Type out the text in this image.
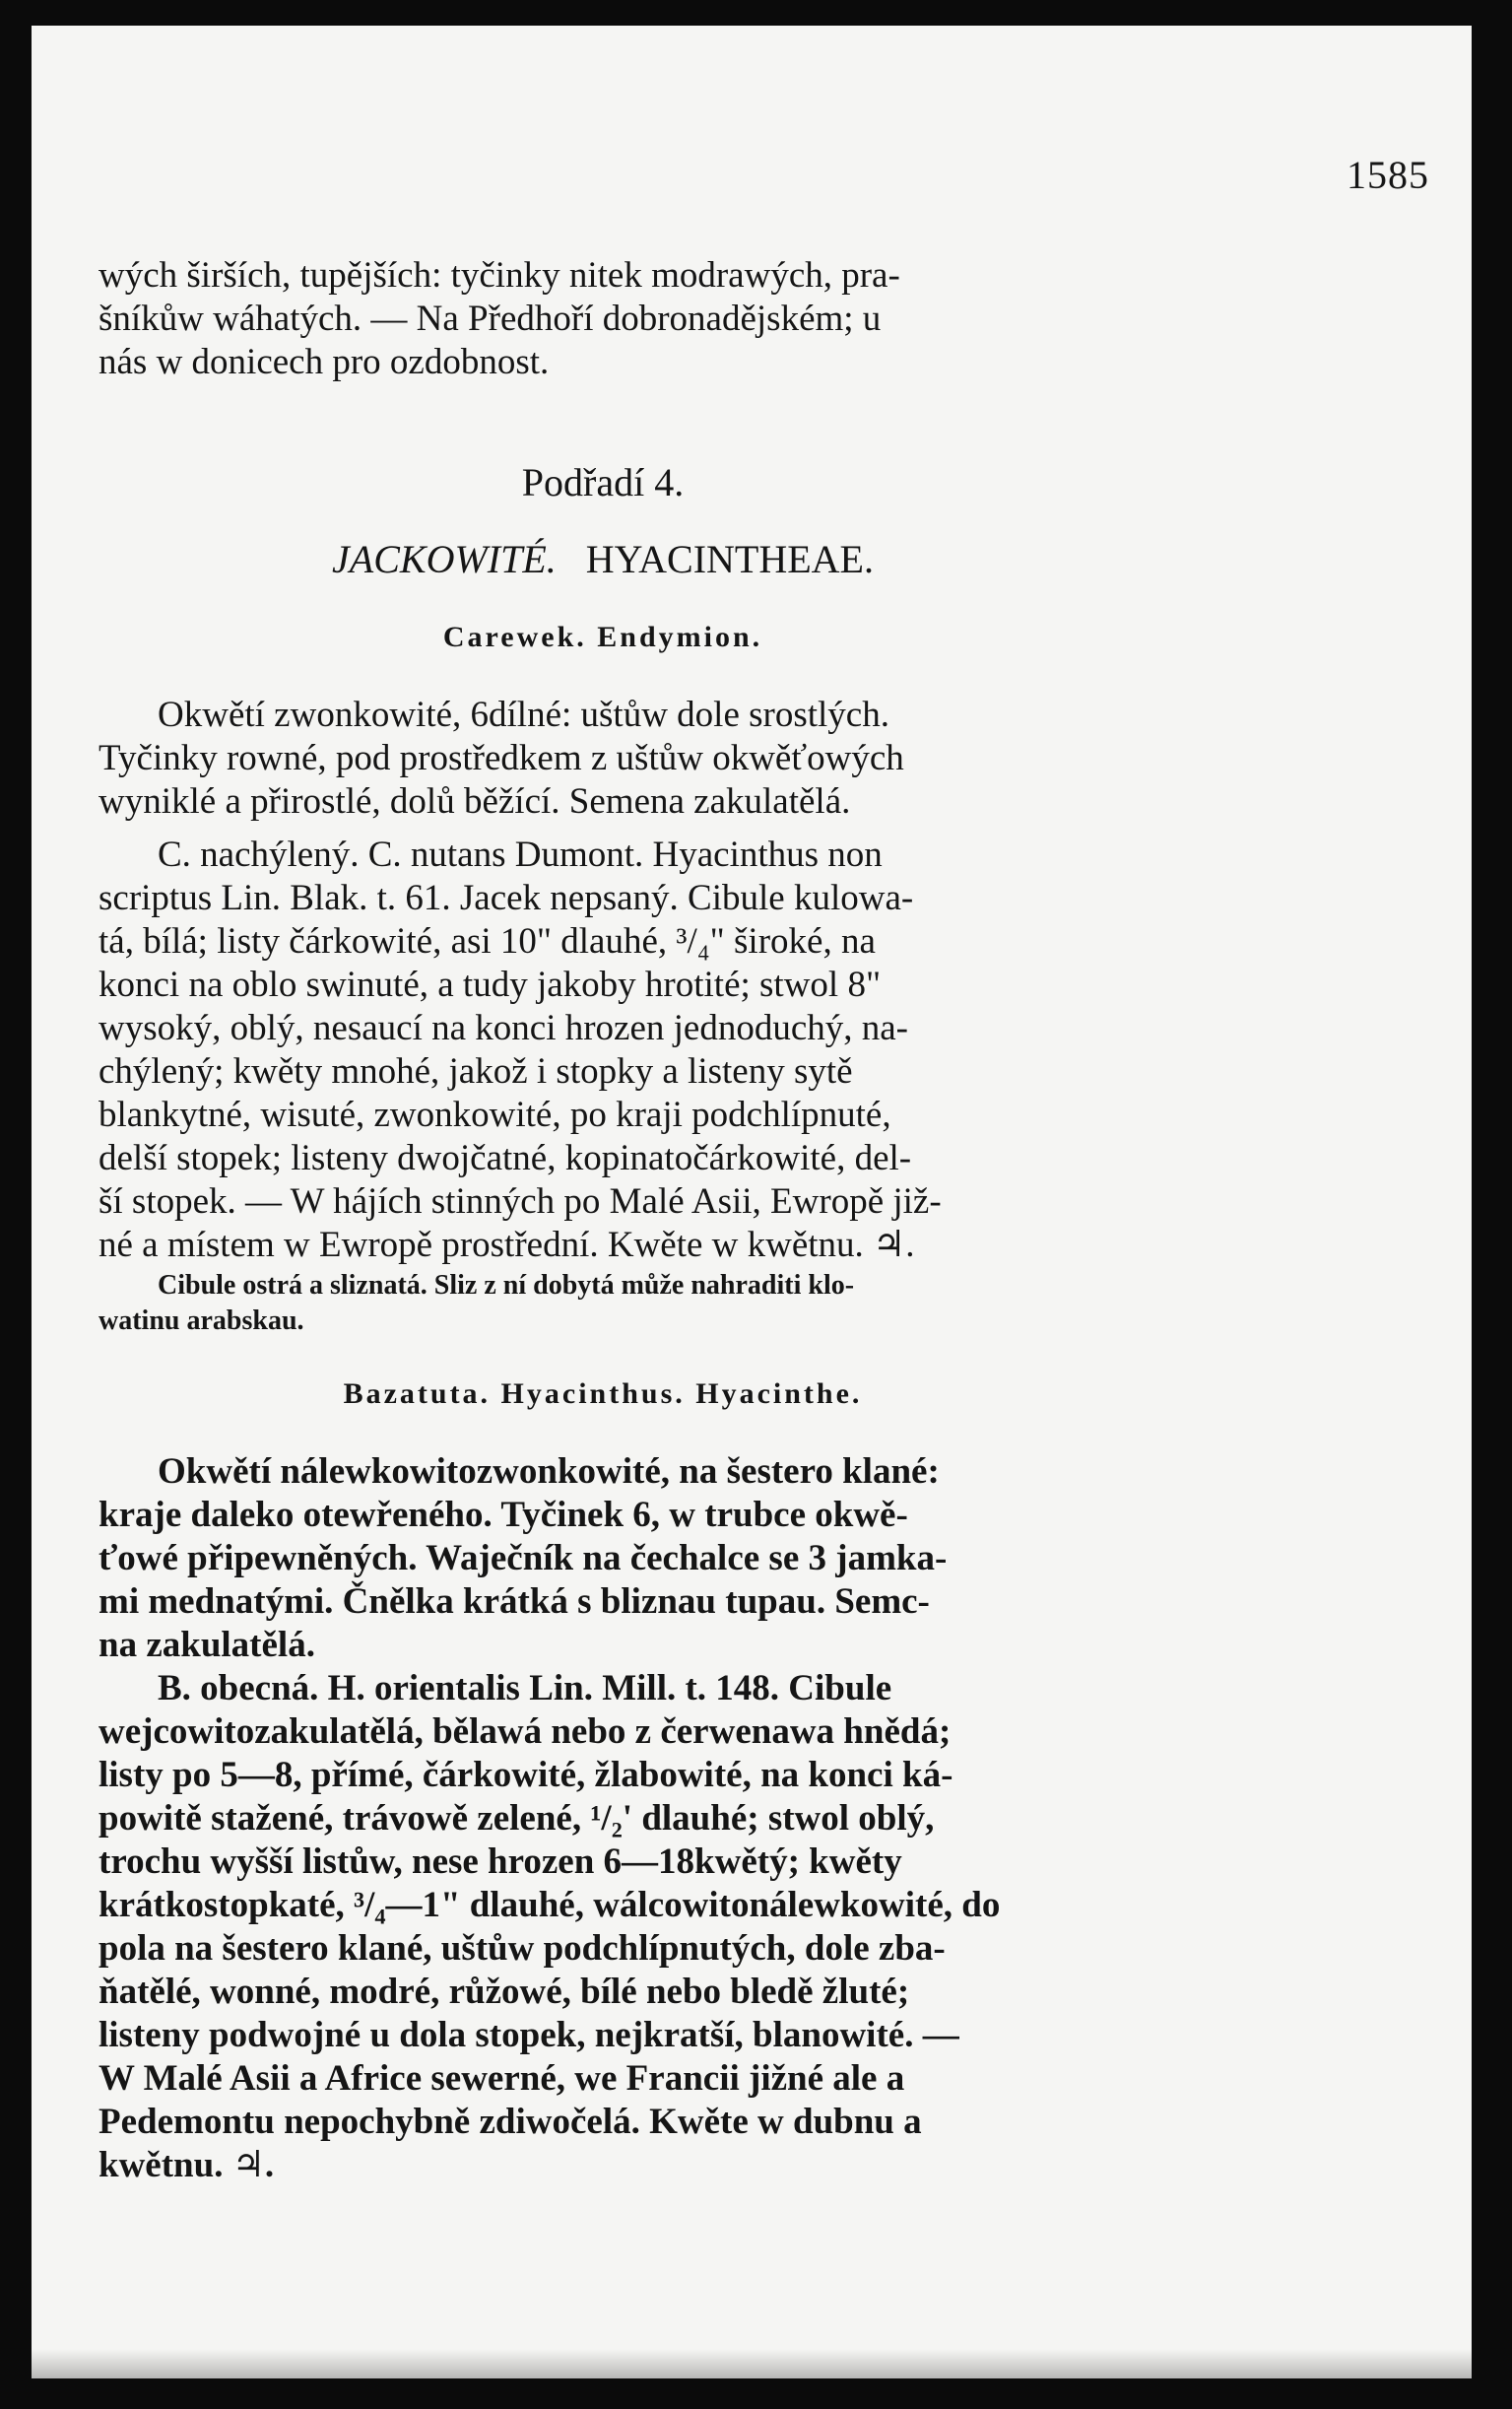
1585
wých širších, tupějších: tyčinky nitek modrawých, pra-
šníkůw wáhatých. — Na Předhoří dobronadějském; u
nás w donicech pro ozdobnost.
Podřadí 4.
JACKOWITÉ. HYACINTHEAE.
Carewek. Endymion.
Okwětí zwonkowité, 6dílné: uštůw dole srostlých.
Tyčinky rowné, pod prostředkem z uštůw okwěťowých
wyniklé a přirostlé, dolů běžící. Semena zakulatělá.
C. nachýlený. C. nutans Dumont. Hyacinthus non
scriptus Lin. Blak. t. 61. Jacek nepsaný. Cibule kulowa-
tá, bílá; listy čárkowité, asi 10" dlauhé, ³/₄" široké, na
konci na oblo swinuté, a tudy jakoby hrotité; stwol 8"
wysoký, oblý, nesaucí na konci hrozen jednoduchý, na-
chýlený; kwěty mnohé, jakož i stopky a listeny sytě
blankytné, wisuté, zwonkowité, po kraji podchlípnuté,
delší stopek; listeny dwojčatné, kopinatočárkowité, del-
ší stopek. — W hájích stinných po Malé Asii, Ewropě již-
né a místem w Ewropě prostřední. Kwěte w kwětnu. ♃.
Cibule ostrá a sliznatá. Sliz z ní dobytá může nahraditi klo-
watinu arabskau.
Bazatuta. Hyacinthus. Hyacinthe.
Okwětí nálewkowitozwonkowité, na šestero klané:
kraje daleko otewřeného. Tyčinek 6, w trubce okwě-
ťowé připewněných. Waječník na čechalce se 3 jamka-
mi mednatými. Čnělka krátká s bliznau tupau. Semc-
na zakulatělá.
B. obecná. H. orientalis Lin. Mill. t. 148. Cibule
wejcowitozakulatělá, bělawá nebo z čerwenawa hnědá;
listy po 5—8, přímé, čárkowité, žlabowité, na konci ká-
powitě stažené, trávowě zelené, ¹/₂' dlauhé; stwol oblý,
trochu wyšší listůw, nese hrozen 6—18kwětý; kwěty
krátkostopkaté, ³/₄—1" dlauhé, wálcowitonálewkowité, do
pola na šestero klané, uštůw podchlípnutých, dole zba-
ňatělé, wonné, modré, růžowé, bílé nebo bledě žluté;
listeny podwojné u dola stopek, nejkratší, blanowité. —
W Malé Asii a Africe sewerné, we Francii jižné ale a
Pedemontu nepochybně zdiwočelá. Kwěte w dubnu a
kwětnu. ♃.
